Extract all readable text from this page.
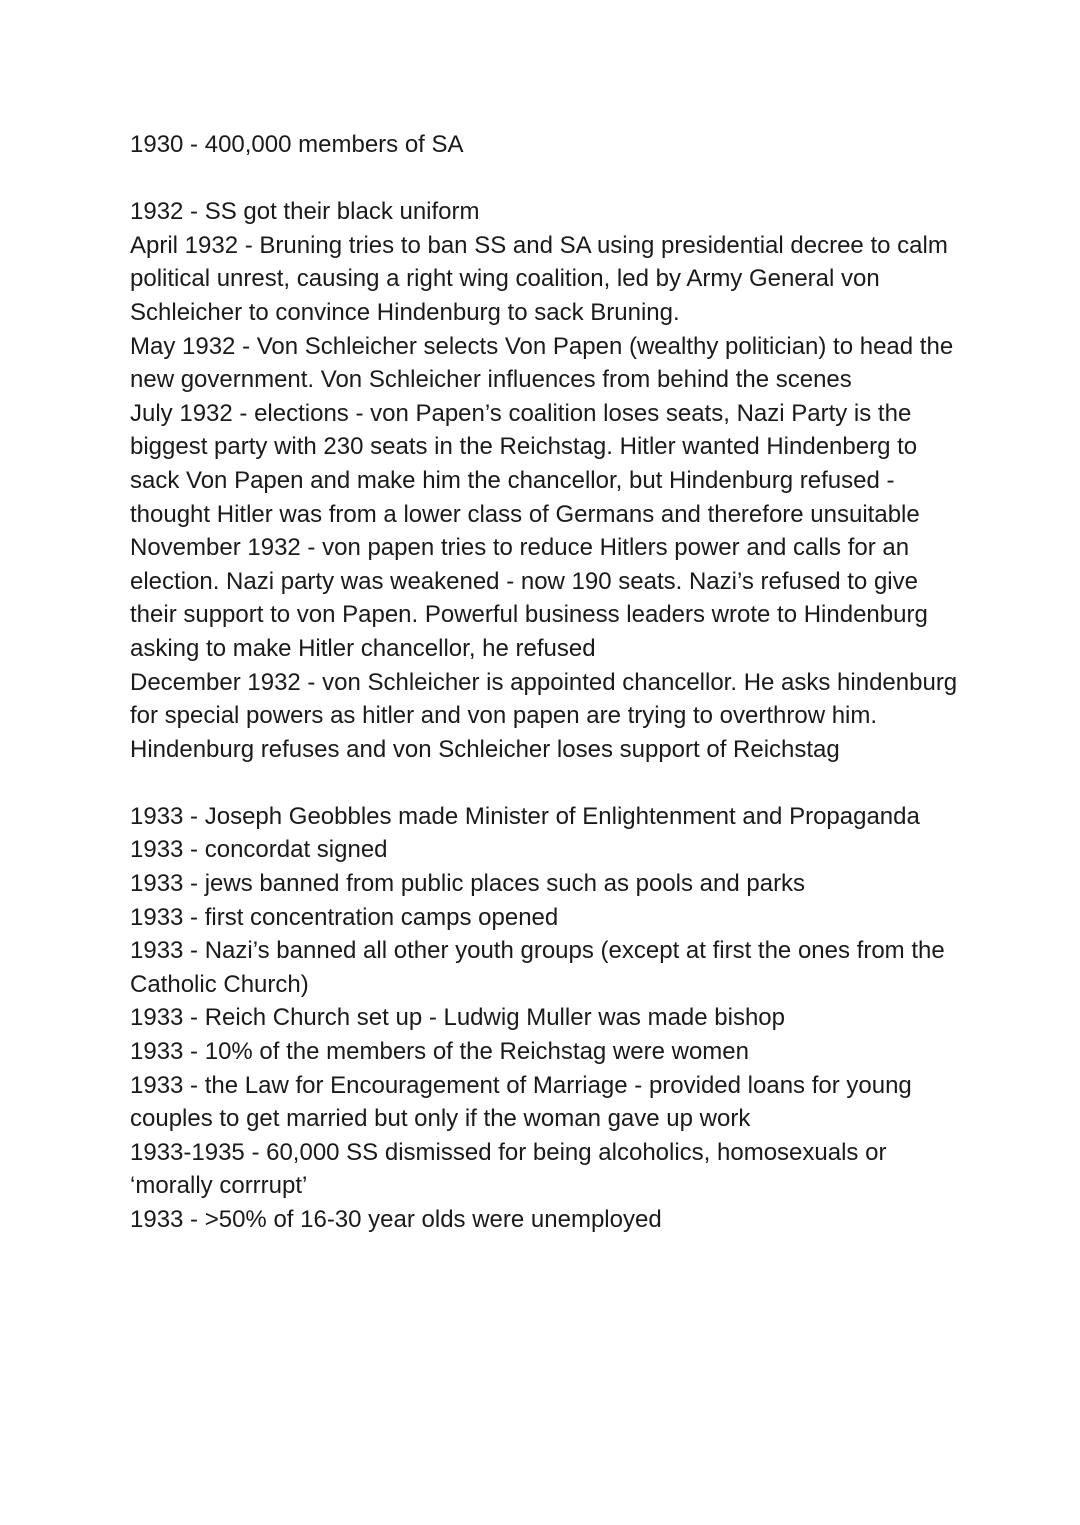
1930 - 400,000 members of SA

1932 - SS got their black uniform

April 1932 - Bruning tries to ban SS and SA using presidential decree to calm political unrest, causing a right wing coalition, led by Army General von Schleicher to convince Hindenburg to sack Bruning.

May 1932 - Von Schleicher selects Von Papen (wealthy politician) to head the new government. Von Schleicher influences from behind the scenes

July 1932 - elections - von Papen’s coalition loses seats, Nazi Party is the biggest party with 230 seats in the Reichstag. Hitler wanted Hindenberg to sack Von Papen and make him the chancellor, but Hindenburg refused - thought Hitler was from a lower class of Germans and therefore unsuitable

November 1932 - von papen tries to reduce Hitlers power and calls for an election. Nazi party was weakened - now 190 seats. Nazi’s refused to give their support to von Papen. Powerful business leaders wrote to Hindenburg asking to make Hitler chancellor, he refused

December 1932 - von Schleicher is appointed chancellor. He asks hindenburg for special powers as hitler and von papen are trying to overthrow him. Hindenburg refuses and von Schleicher loses support of Reichstag

1933 - Joseph Geobbles made Minister of Enlightenment and Propaganda

1933 - concordat signed

1933 - jews banned from public places such as pools and parks

1933 - first concentration camps opened

1933 - Nazi’s banned all other youth groups (except at first the ones from the Catholic Church)

1933 - Reich Church set up - Ludwig Muller was made bishop

1933 - 10% of the members of the Reichstag were women

1933 - the Law for Encouragement of Marriage - provided loans for young couples to get married but only if the woman gave up work

1933-1935 - 60,000 SS dismissed for being alcoholics, homosexuals or ‘morally corrrupt’

1933 - >50% of 16-30 year olds were unemployed
